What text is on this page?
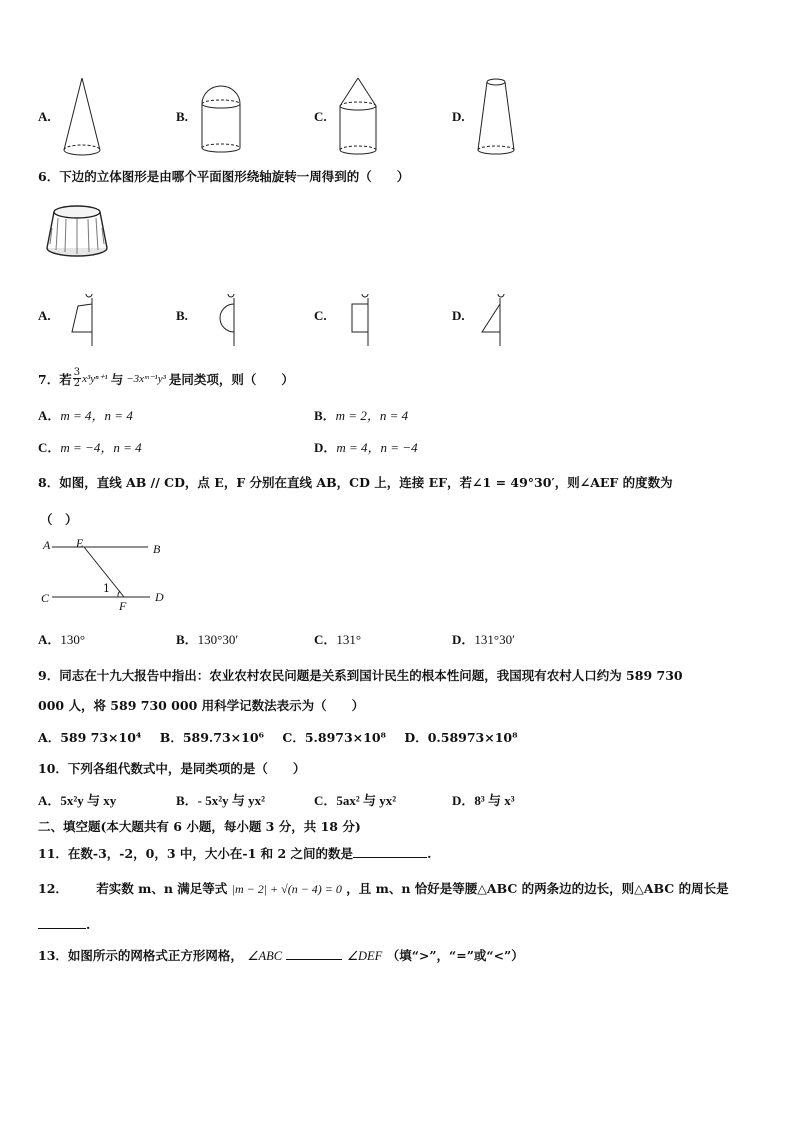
A.	B.	C.	D.
6．下边的立体图形是由哪个平面图形绕轴旋转一周得到的（　　）
A.	B.	C.	D.
7．若 $\frac{3}{2} x^3y^{n+1}$ 与 −3xᵐ⁻¹y³ 是同类项，则（　　）
A．m = 4，n = 4	B．m = 2，n = 4
C．m = −4，n = 4	D．m = 4，n = −4
8．如图，直线 AB // CD，点 E，F 分别在直线 AB，CD 上，连接 EF，若∠1 = 49°30′，则∠AEF 的度数为
（　）
A E	B
C
1
F
D
A．130°	B．130°30′	C．131°	D．131°30′
9．同志在十九大报告中指出：农业农村农民问题是关系到国计民生的根本性问题，我国现有农村人口约为 589 730
000 人，将 589 730 000 用科学记数法表示为（　　）
A．589 73×10⁴ B．589.73×10⁶ C．5.8973×10⁸ D．0.58973×10⁸
10．下列各组代数式中，是同类项的是（　　）
A．5x²y 与 xy	B．- 5x²y 与 yx²	C．5ax² 与 yx²	D．8³ 与 x³
二、填空题(本大题共有 6 小题，每小题 3 分，共 18 分)
11．在数-3，-2，0，3 中，大小在-1 和 2 之间的数是	.
12． 若实数 m、n 满足等式 |m − 2| + √(n − 4) = 0 ，且 m、n 恰好是等腰△ABC 的两条边的边长，则△ABC 的周长是
.
13．如图所示的网格式正方形网格， ∠ABC	∠DEF （填“>”，“=”或“<”）
